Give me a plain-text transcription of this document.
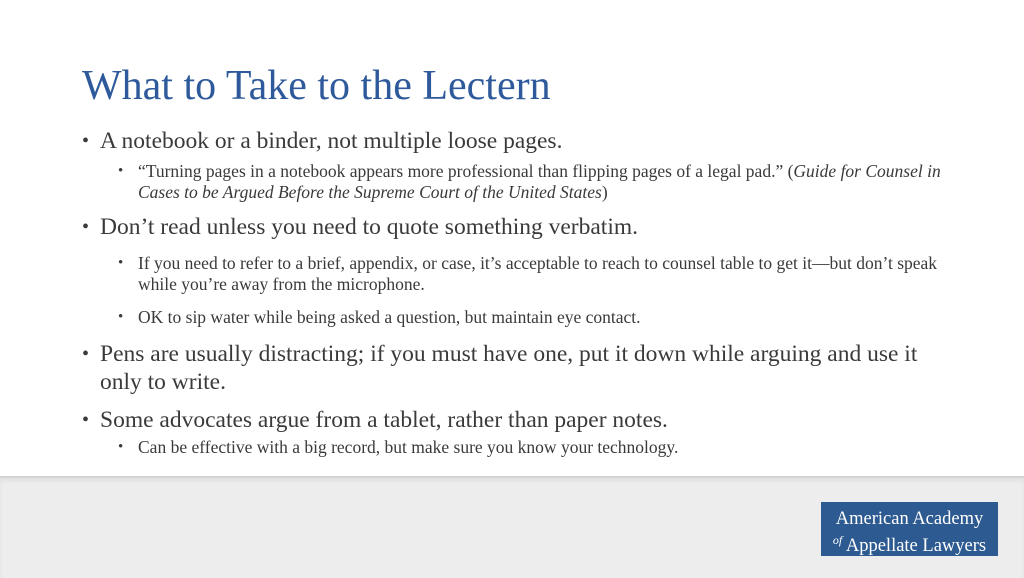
What to Take to the Lectern
• A notebook or a binder, not multiple loose pages.
• “Turning pages in a notebook appears more professional than flipping pages of a legal pad.” (Guide for Counsel in Cases to be Argued Before the Supreme Court of the United States)
• Don’t read unless you need to quote something verbatim.
• If you need to refer to a brief, appendix, or case, it’s acceptable to reach to counsel table to get it—but don’t speak while you’re away from the microphone.
• OK to sip water while being asked a question, but maintain eye contact.
• Pens are usually distracting; if you must have one, put it down while arguing and use it only to write.
• Some advocates argue from a tablet, rather than paper notes.
• Can be effective with a big record, but make sure you know your technology.
American Academy
$^{of}$ Appellate Lawyers
